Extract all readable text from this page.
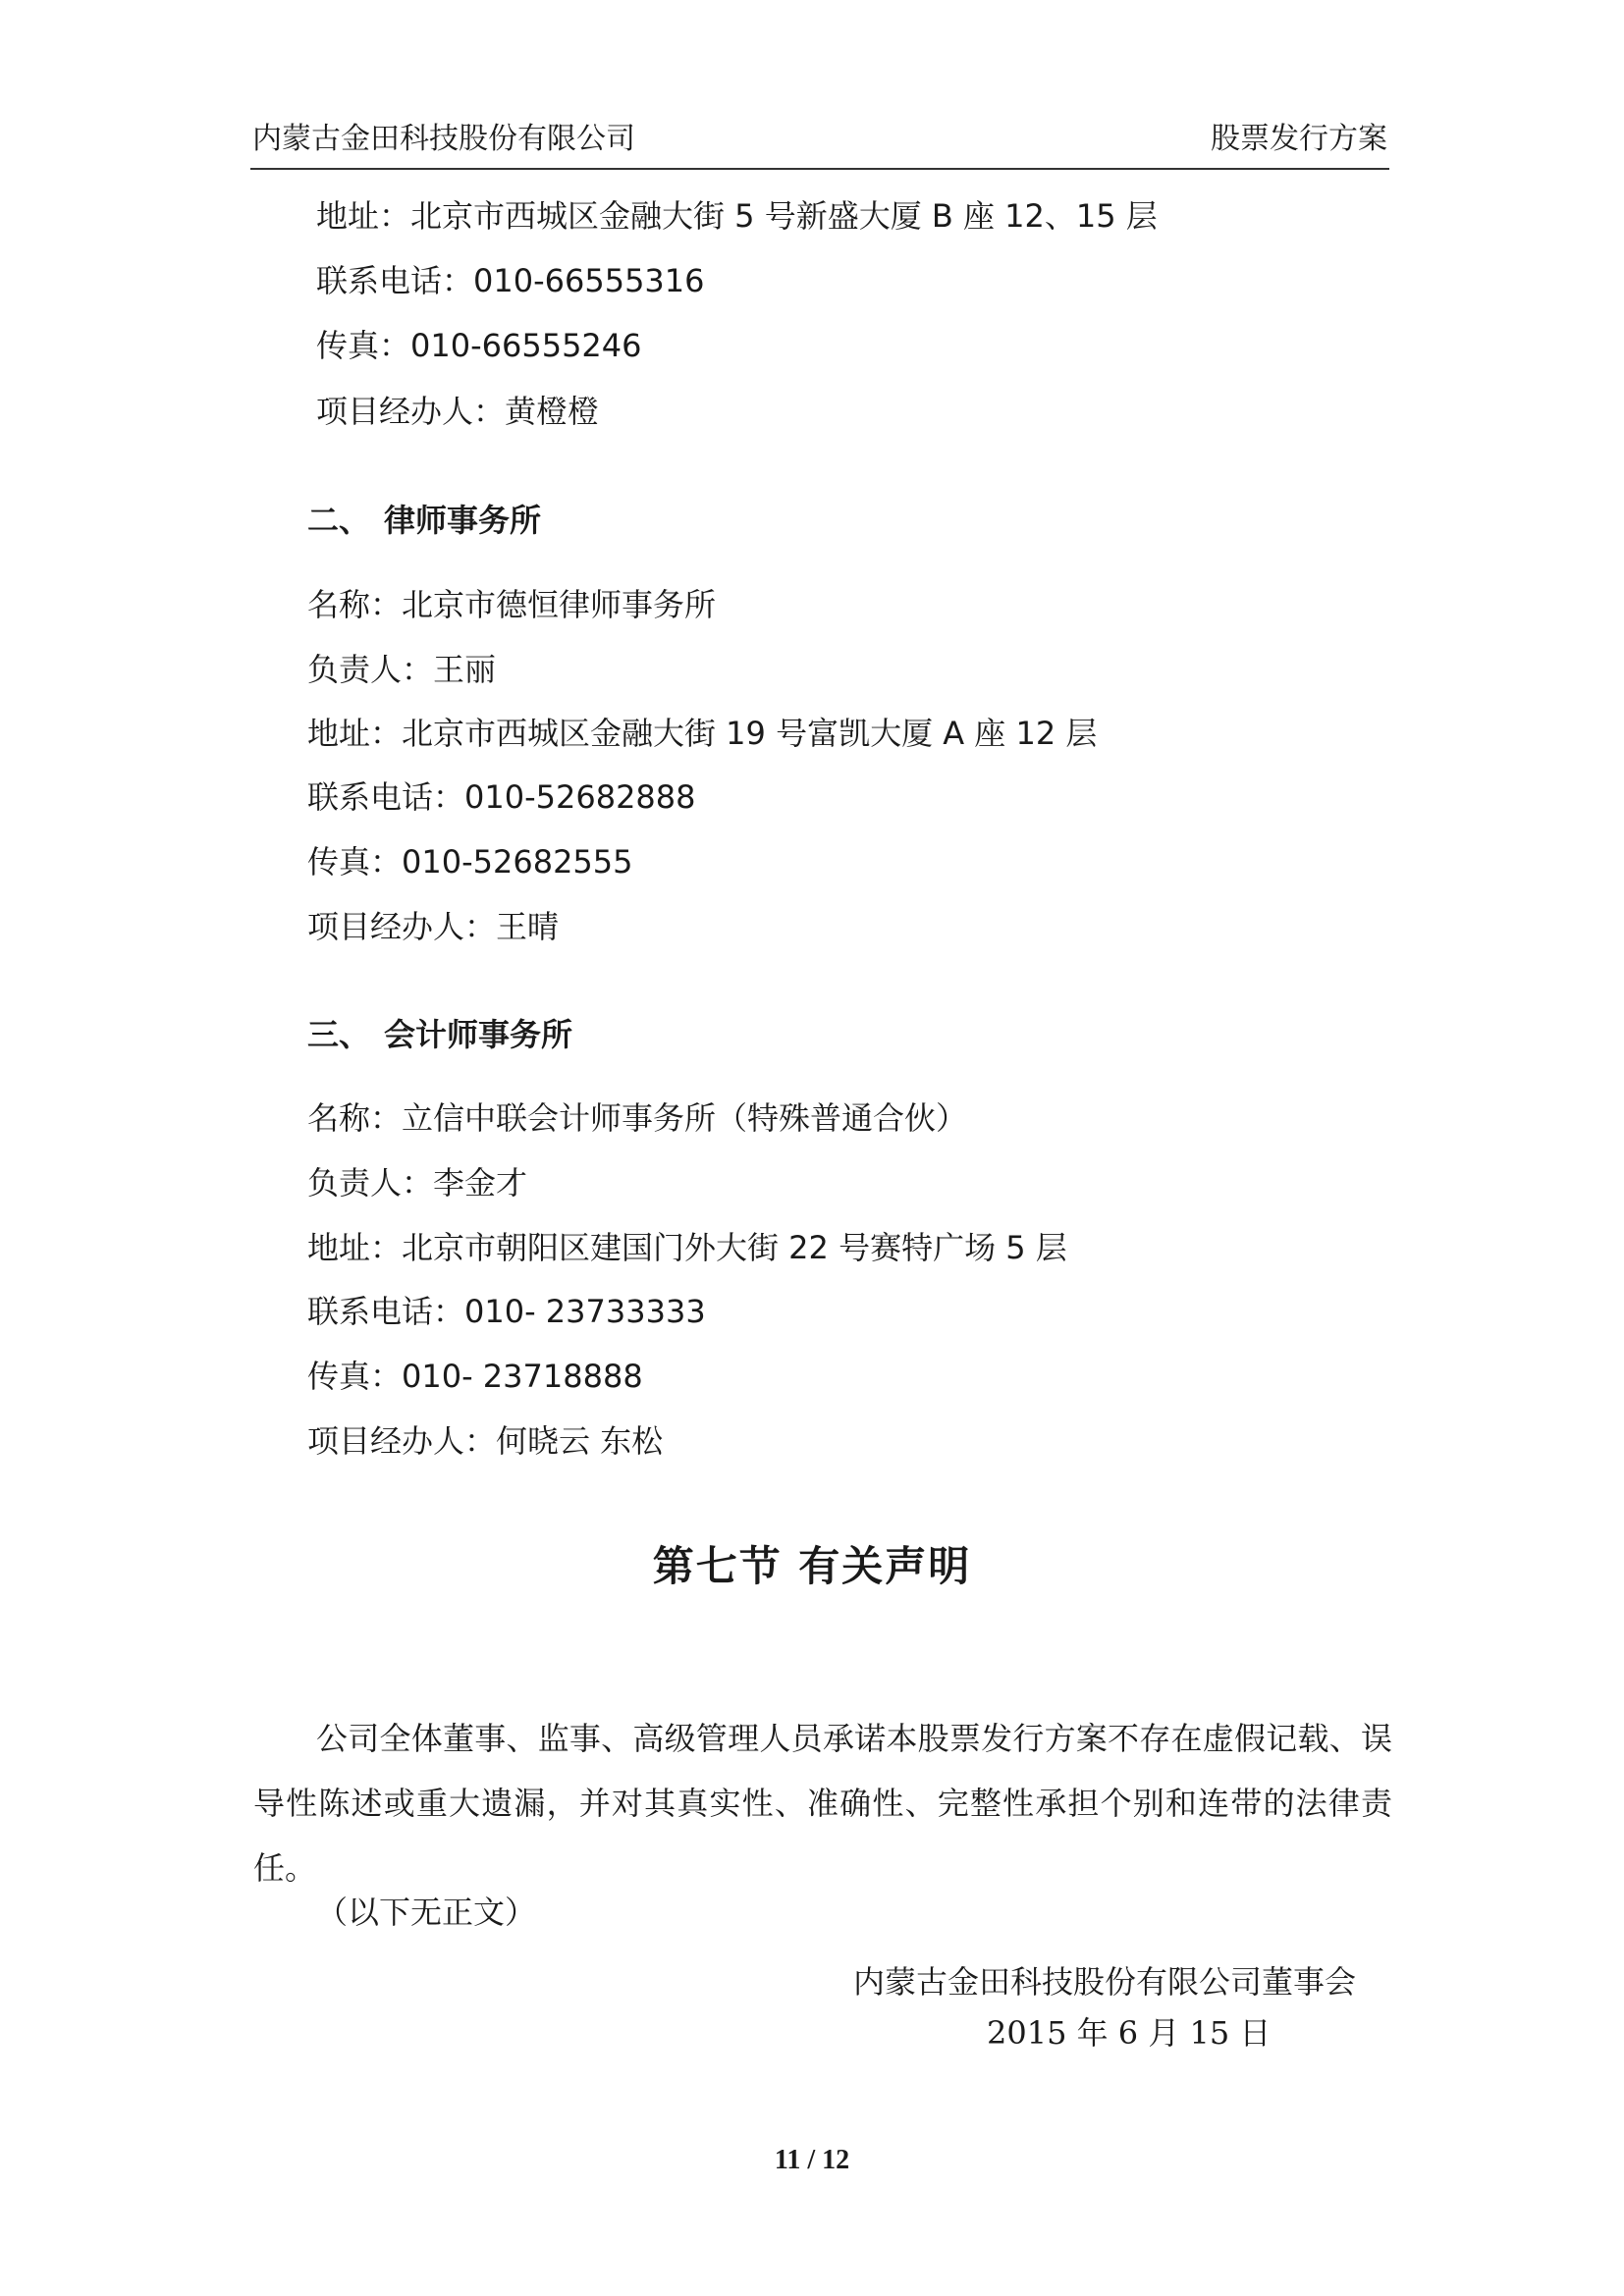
内蒙古金田科技股份有限公司	股票发行方案
地址：北京市西城区金融大街 5 号新盛大厦 B 座 12、15 层
联系电话：010-66555316
传真：010-66555246
项目经办人：黄橙橙
二、 律师事务所
名称：北京市德恒律师事务所
负责人：王丽
地址：北京市西城区金融大街 19 号富凯大厦 A 座 12 层
联系电话：010-52682888
传真：010-52682555
项目经办人：王晴
三、 会计师事务所
名称：立信中联会计师事务所（特殊普通合伙）
负责人：李金才
地址：北京市朝阳区建国门外大街 22 号赛特广场 5 层
联系电话：010- 23733333
传真：010- 23718888
项目经办人：何晓云 东松
第七节 有关声明
公司全体董事、监事、高级管理人员承诺本股票发行方案不存在虚假记载、误导性陈述或重大遗漏，并对其真实性、准确性、完整性承担个别和连带的法律责任。
（以下无正文）
内蒙古金田科技股份有限公司董事会
2015 年 6 月 15 日
11 / 12
